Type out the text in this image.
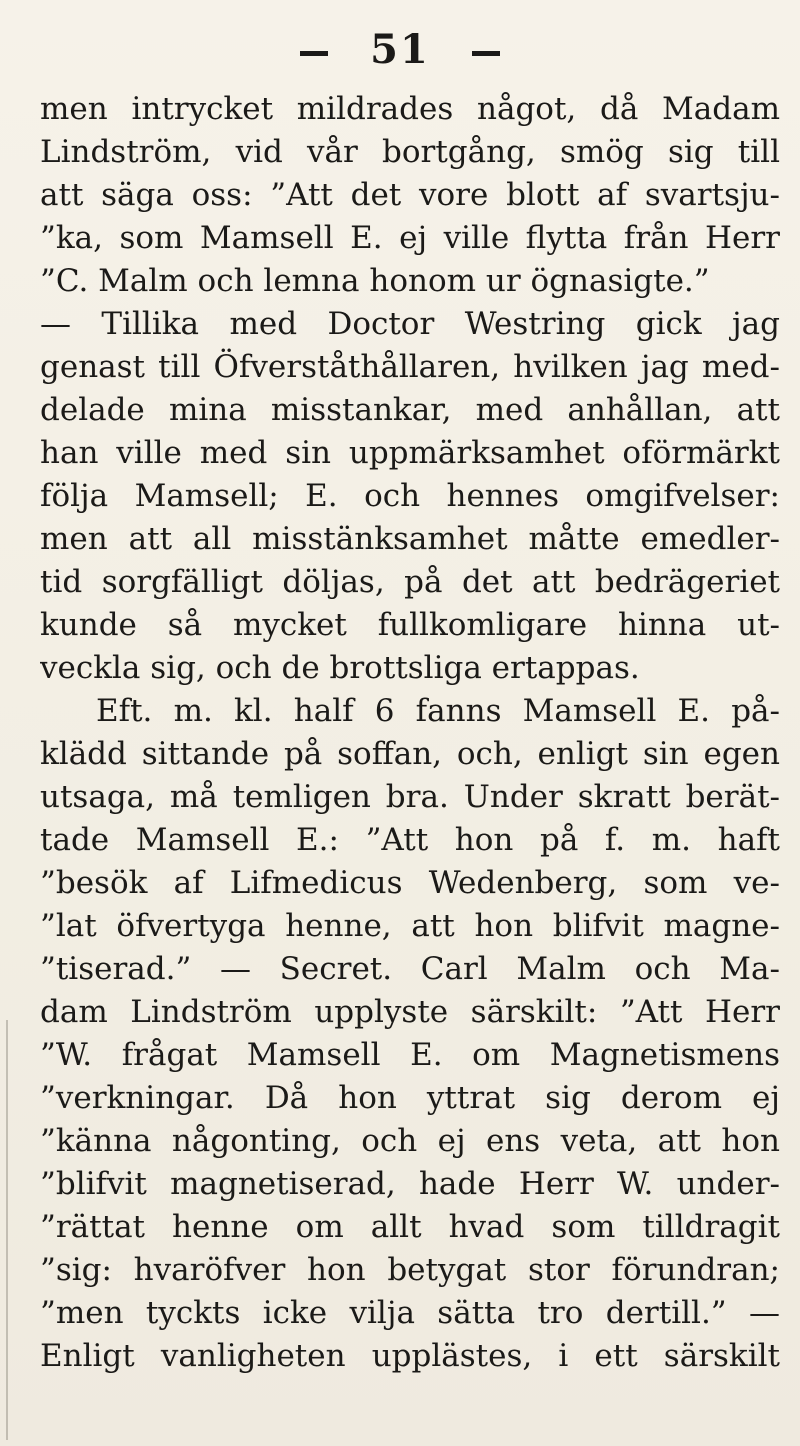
51
men intrycket mildrades något, då Madam
Lindström, vid vår bortgång, smög sig till
att säga oss: ”Att det vore blott af svartsju-
”ka, som Mamsell E. ej ville flytta från Herr
”C. Malm och lemna honom ur ögnasigte.”
— Tillika med Doctor Westring gick jag
genast till Öfverståthållaren, hvilken jag med-
delade mina misstankar, med anhållan, att
han ville med sin uppmärksamhet oförmärkt
följa Mamsell; E. och hennes omgifvelser:
men att all misstänksamhet måtte emedler-
tid sorgfälligt döljas, på det att bedrägeriet
kunde så mycket fullkomligare hinna ut-
veckla sig, och de brottsliga ertappas.
Eft. m. kl. half 6 fanns Mamsell E. på-
klädd sittande på soffan, och, enligt sin egen
utsaga, må temligen bra. Under skratt berät-
tade Mamsell E.: ”Att hon på f. m. haft
”besök af Lifmedicus Wedenberg, som ve-
”lat öfvertyga henne, att hon blifvit magne-
”tiserad.” — Secret. Carl Malm och Ma-
dam Lindström upplyste särskilt: ”Att Herr
”W. frågat Mamsell E. om Magnetismens
”verkningar. Då hon yttrat sig derom ej
”känna någonting, och ej ens veta, att hon
”blifvit magnetiserad, hade Herr W. under-
”rättat henne om allt hvad som tilldragit
”sig: hvaröfver hon betygat stor förundran;
”men tyckts icke vilja sätta tro dertill.” —
Enligt vanligheten upplästes, i ett särskilt
